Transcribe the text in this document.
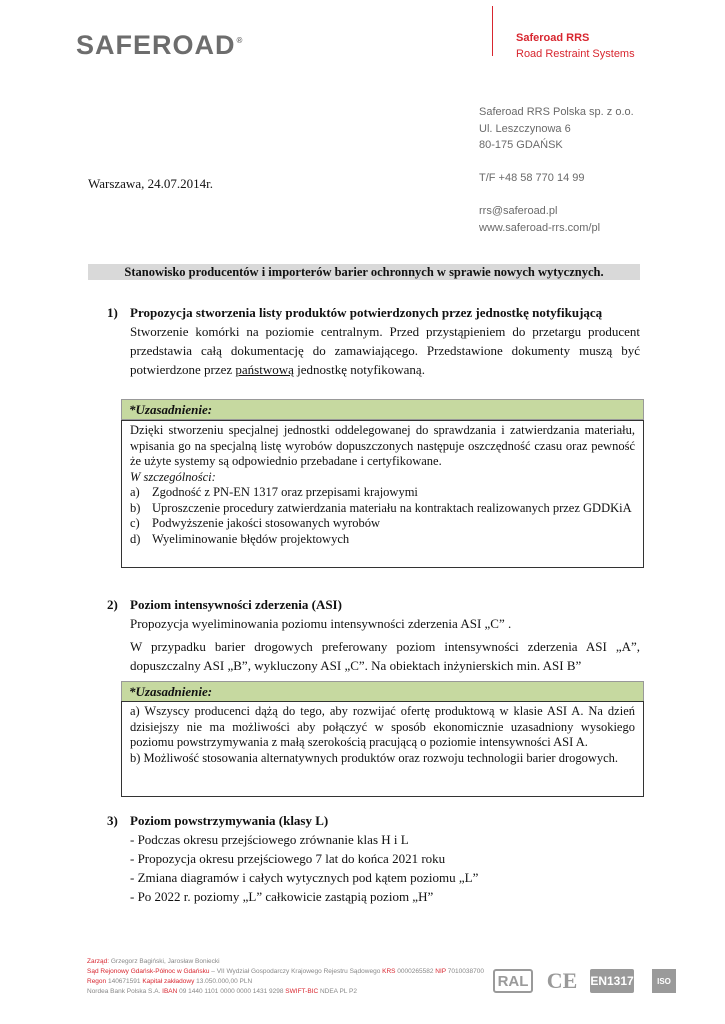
SAFEROAD®	Saferoad RRS
Road Restraint Systems
Saferoad RRS Polska sp. z o.o.
Ul. Leszczynowa 6
80-175 GDAŃSK
T/F +48 58 770 14 99
rrs@saferoad.pl
www.saferoad-rrs.com/pl
Warszawa, 24.07.2014r.
Stanowisko producentów i importerów barier ochronnych w sprawie nowych wytycznych.
1) Propozycja stworzenia listy produktów potwierdzonych przez jednostkę notyfikującą

Stworzenie komórki na poziomie centralnym. Przed przystąpieniem do przetargu producent przedstawia całą dokumentację do zamawiającego. Przedstawione dokumenty muszą być potwierdzone przez państwową jednostkę notyfikowaną.

*Uzasadnienie:

Dzięki stworzeniu specjalnej jednostki oddelegowanej do sprawdzania i zatwierdzania materiału, wpisania go na specjalną listę wyrobów dopuszczonych następuje oszczędność czasu oraz pewność że użyte systemy są odpowiednio przebadane i certyfikowane.

W szczególności:

a) Zgodność z PN-EN 1317 oraz przepisami krajowymi
b) Uproszczenie procedury zatwierdzania materiału na kontraktach realizowanych przez GDDKiA
c) Podwyższenie jakości stosowanych wyrobów
d) Wyeliminowanie błędów projektowych
2) Poziom intensywności zderzenia (ASI)

Propozycja wyeliminowania poziomu intensywności zderzenia ASI „C” .

W przypadku barier drogowych preferowany poziom intensywności zderzenia ASI „A”, dopuszczalny ASI „B”, wykluczony ASI „C”. Na obiektach inżynierskich min. ASI B”

*Uzasadnienie:

a) Wszyscy producenci dążą do tego, aby rozwijać ofertę produktową w klasie ASI A. Na dzień dzisiejszy nie ma możliwości aby połączyć w sposób ekonomicznie uzasadniony wysokiego poziomu powstrzymywania z małą szerokością pracującą o poziomie intensywności ASI A.

b) Możliwość stosowania alternatywnych produktów oraz rozwoju technologii barier drogowych.

3) Poziom powstrzymywania (klasy L)
- Podczas okresu przejściowego zrównanie klas H i L
- Propozycja okresu przejściowego 7 lat do końca 2021 roku
- Zmiana diagramów i całych wytycznych pod kątem poziomu „L”
- Po 2022 r. poziomy „L” całkowicie zastąpią poziom „H”
Zarząd: Grzegorz Bagiński, Jarosław Boniecki
Sąd Rejonowy Gdańsk-Północ w Gdańsku – VII Wydział Gospodarczy Krajowego Rejestru Sądowego KRS 0000265582 NIP 7010038700
Regon 140671591 Kapitał zakładowy 13.050.000,00 PLN
Nordea Bank Polska S.A. IBAN 09 1440 1101 0000 0000 1431 9298 SWIFT-BIC NDEA PL P2
RAL CE EN1317	ISO
